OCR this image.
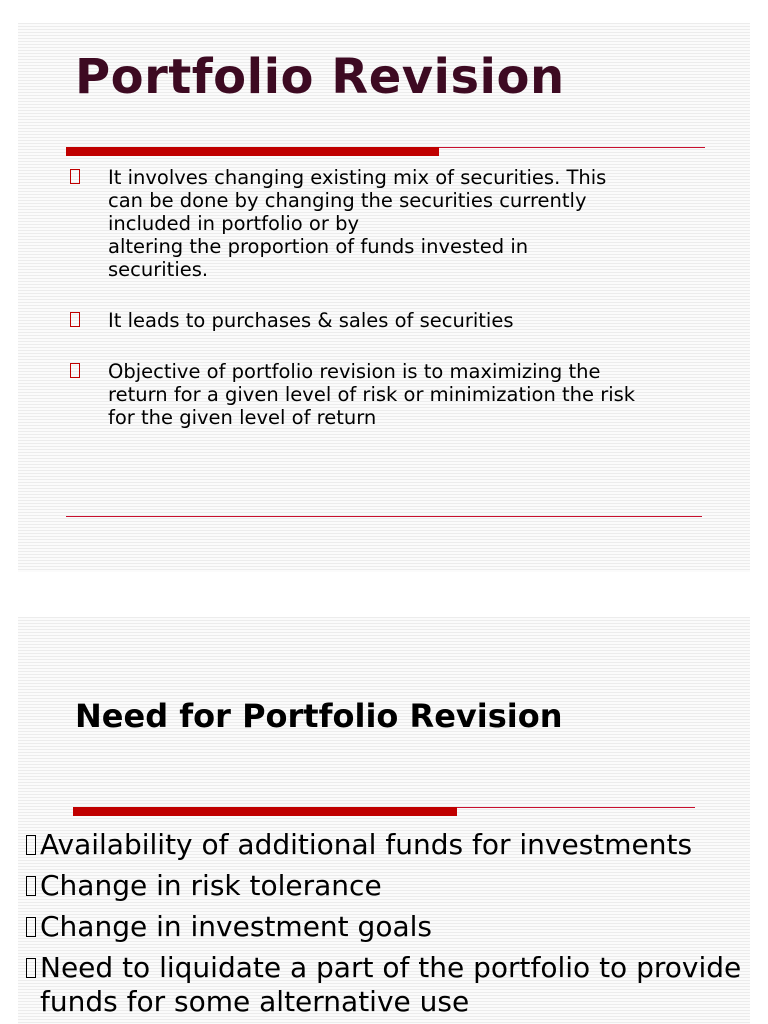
Portfolio Revision
It involves changing existing mix of securities. This
can be done by changing the securities currently
included in portfolio or by
altering the proportion of funds invested in
securities.
It leads to purchases & sales of securities
Objective of portfolio revision is to maximizing the
return for a given level of risk or minimization the risk
for the given level of return
Need for Portfolio Revision
Availability of additional funds for investments
Change in risk tolerance
Change in investment goals
Need to liquidate a part of the portfolio to provide funds for some alternative use
